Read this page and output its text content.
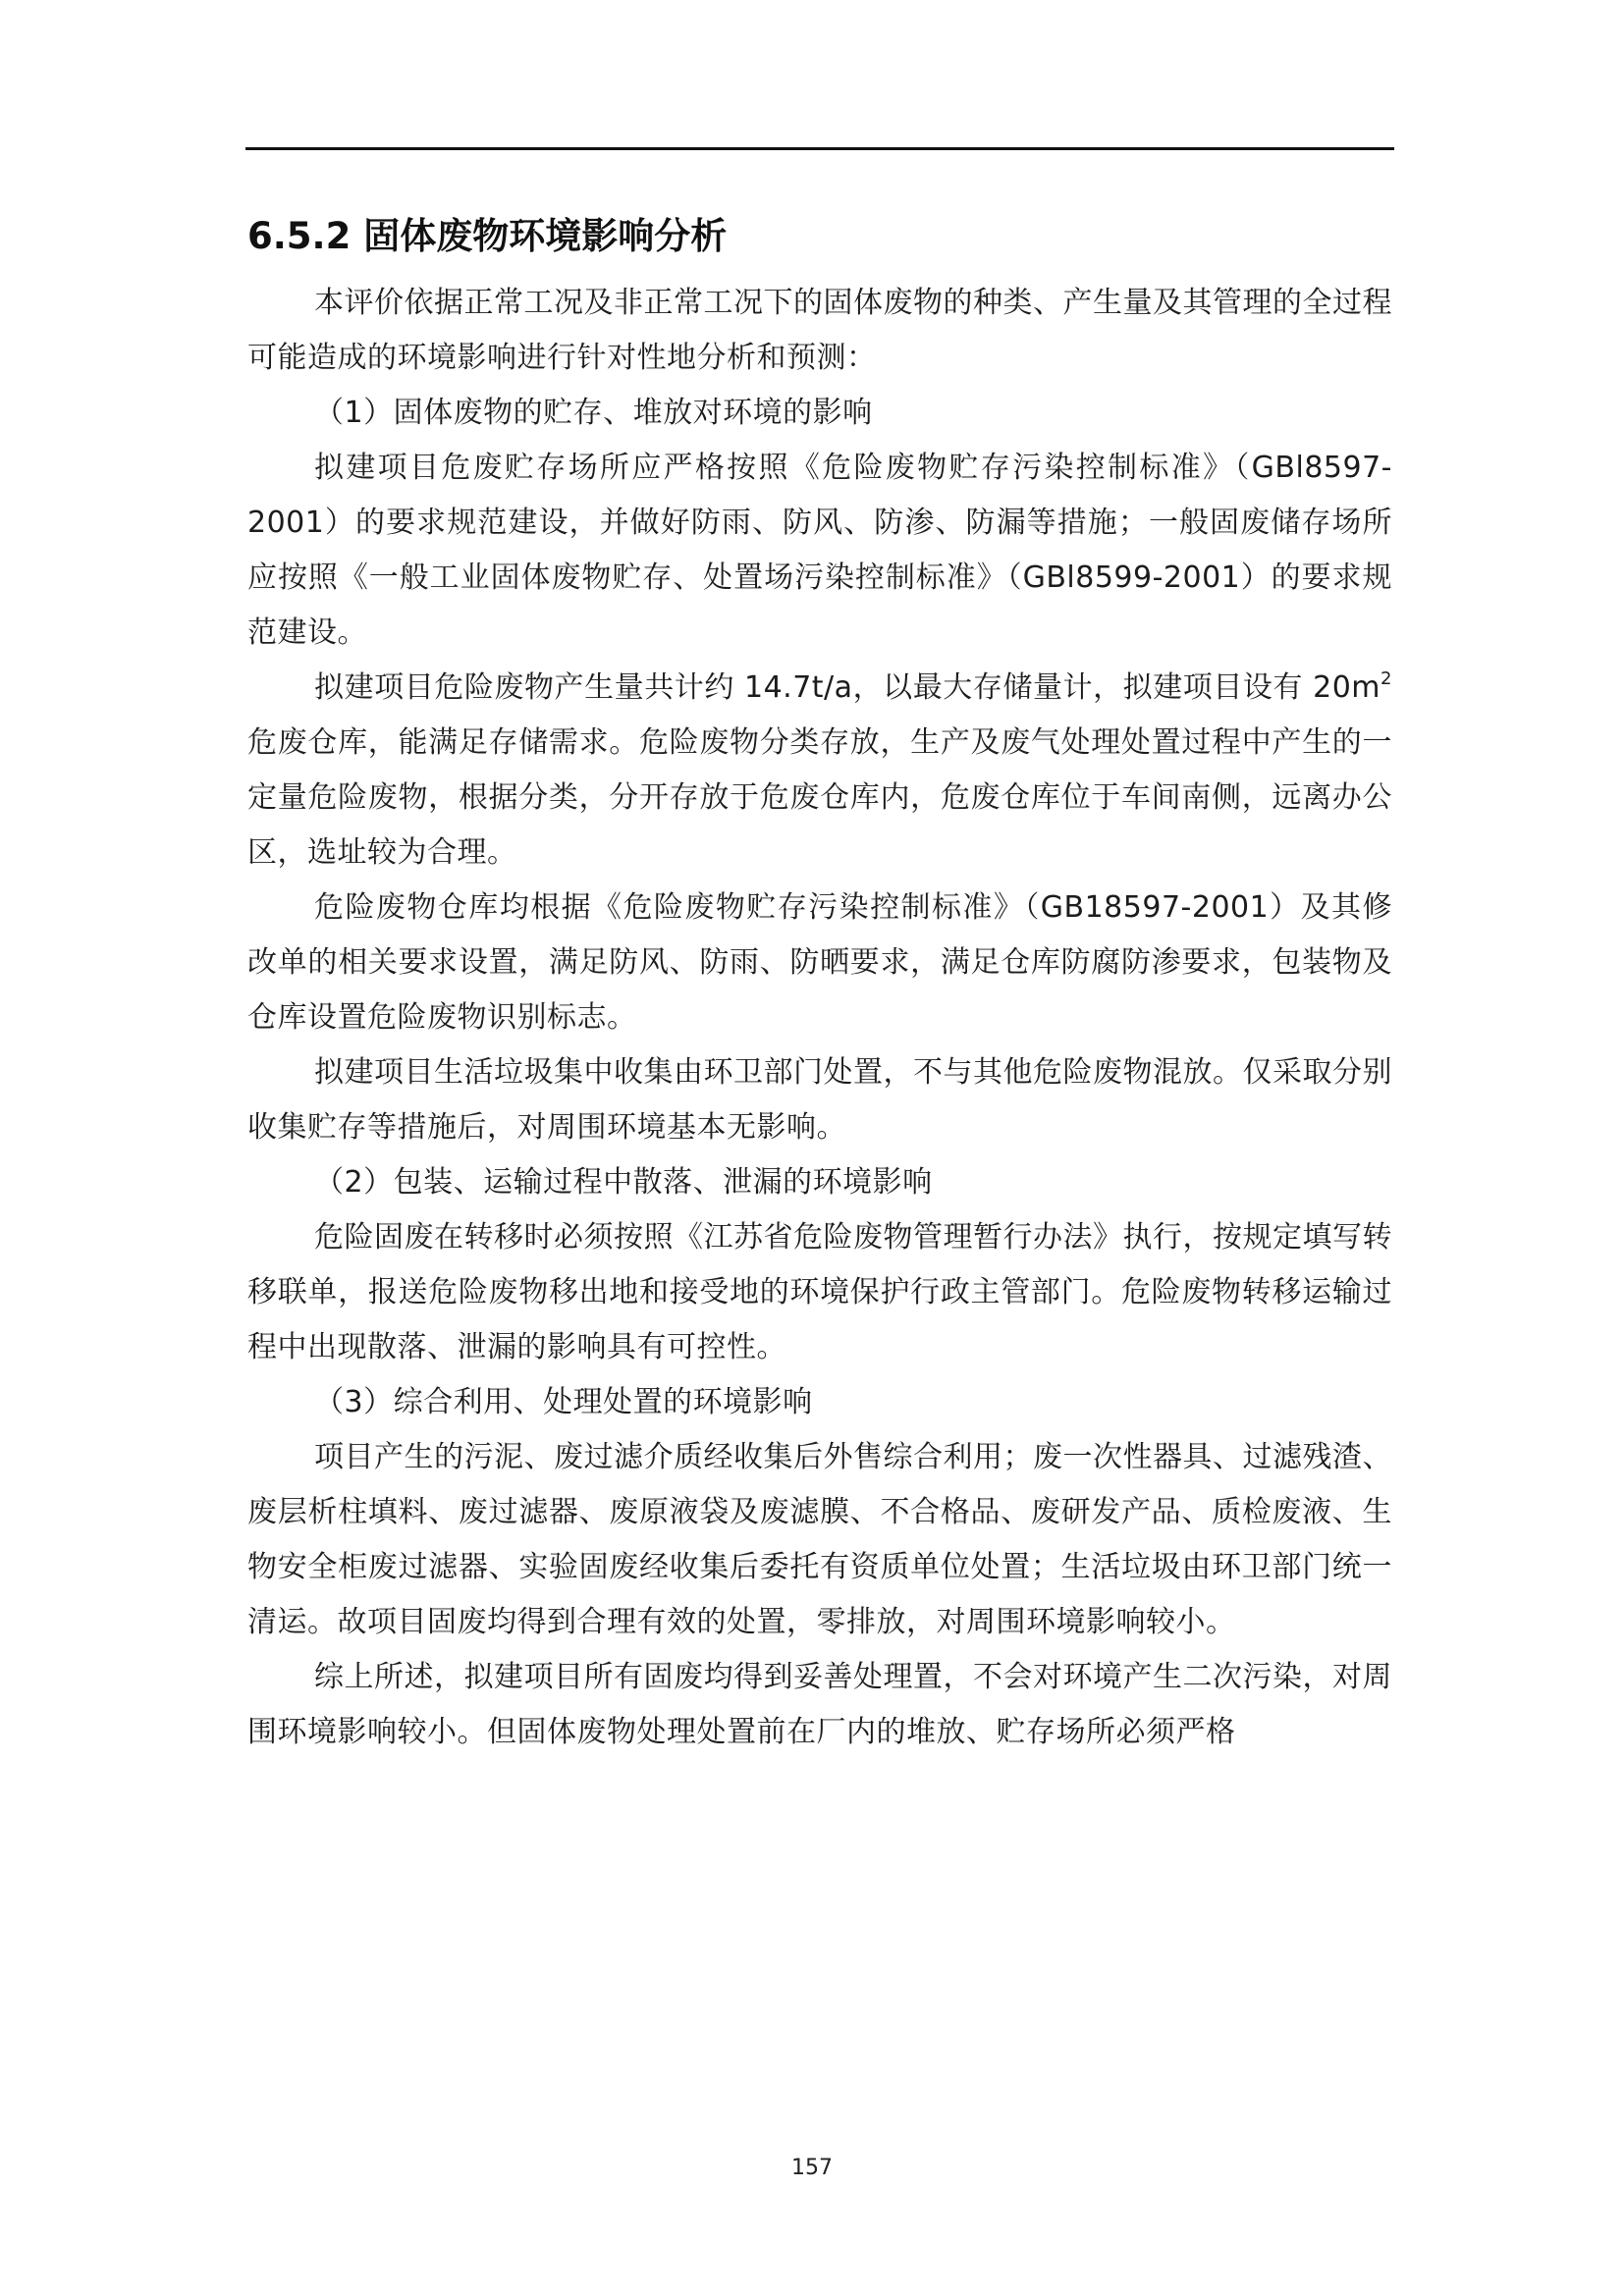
6.5.2 固体废物环境影响分析

本评价依据正常工况及非正常工况下的固体废物的种类、产生量及其管理的全过程可能造成的环境影响进行针对性地分析和预测：

（1）固体废物的贮存、堆放对环境的影响

拟建项目危废贮存场所应严格按照《危险废物贮存污染控制标准》（GBl8597-2001）的要求规范建设，并做好防雨、防风、防渗、防漏等措施；一般固废储存场所应按照《一般工业固体废物贮存、处置场污染控制标准》（GBl8599-2001）的要求规范建设。

拟建项目危险废物产生量共计约 14.7t/a，以最大存储量计，拟建项目设有 $20m^2$ 危废仓库，能满足存储需求。危险废物分类存放，生产及废气处理处置过程中产生的一定量危险废物，根据分类，分开存放于危废仓库内，危废仓库位于车间南侧，远离办公区，选址较为合理。

危险废物仓库均根据《危险废物贮存污染控制标准》（GB18597-2001）及其修改单的相关要求设置，满足防风、防雨、防晒要求，满足仓库防腐防渗要求，包装物及仓库设置危险废物识别标志。

拟建项目生活垃圾集中收集由环卫部门处置，不与其他危险废物混放。仅采取分别收集贮存等措施后，对周围环境基本无影响。

（2）包装、运输过程中散落、泄漏的环境影响

危险固废在转移时必须按照《江苏省危险废物管理暂行办法》执行，按规定填写转移联单，报送危险废物移出地和接受地的环境保护行政主管部门。危险废物转移运输过程中出现散落、泄漏的影响具有可控性。

（3）综合利用、处理处置的环境影响

项目产生的污泥、废过滤介质经收集后外售综合利用；废一次性器具、过滤残渣、废层析柱填料、废过滤器、废原液袋及废滤膜、不合格品、废研发产品、质检废液、生物安全柜废过滤器、实验固废经收集后委托有资质单位处置；生活垃圾由环卫部门统一清运。故项目固废均得到合理有效的处置，零排放，对周围环境影响较小。

综上所述，拟建项目所有固废均得到妥善处理置，不会对环境产生二次污染，对周围环境影响较小。但固体废物处理处置前在厂内的堆放、贮存场所必须严格

157
